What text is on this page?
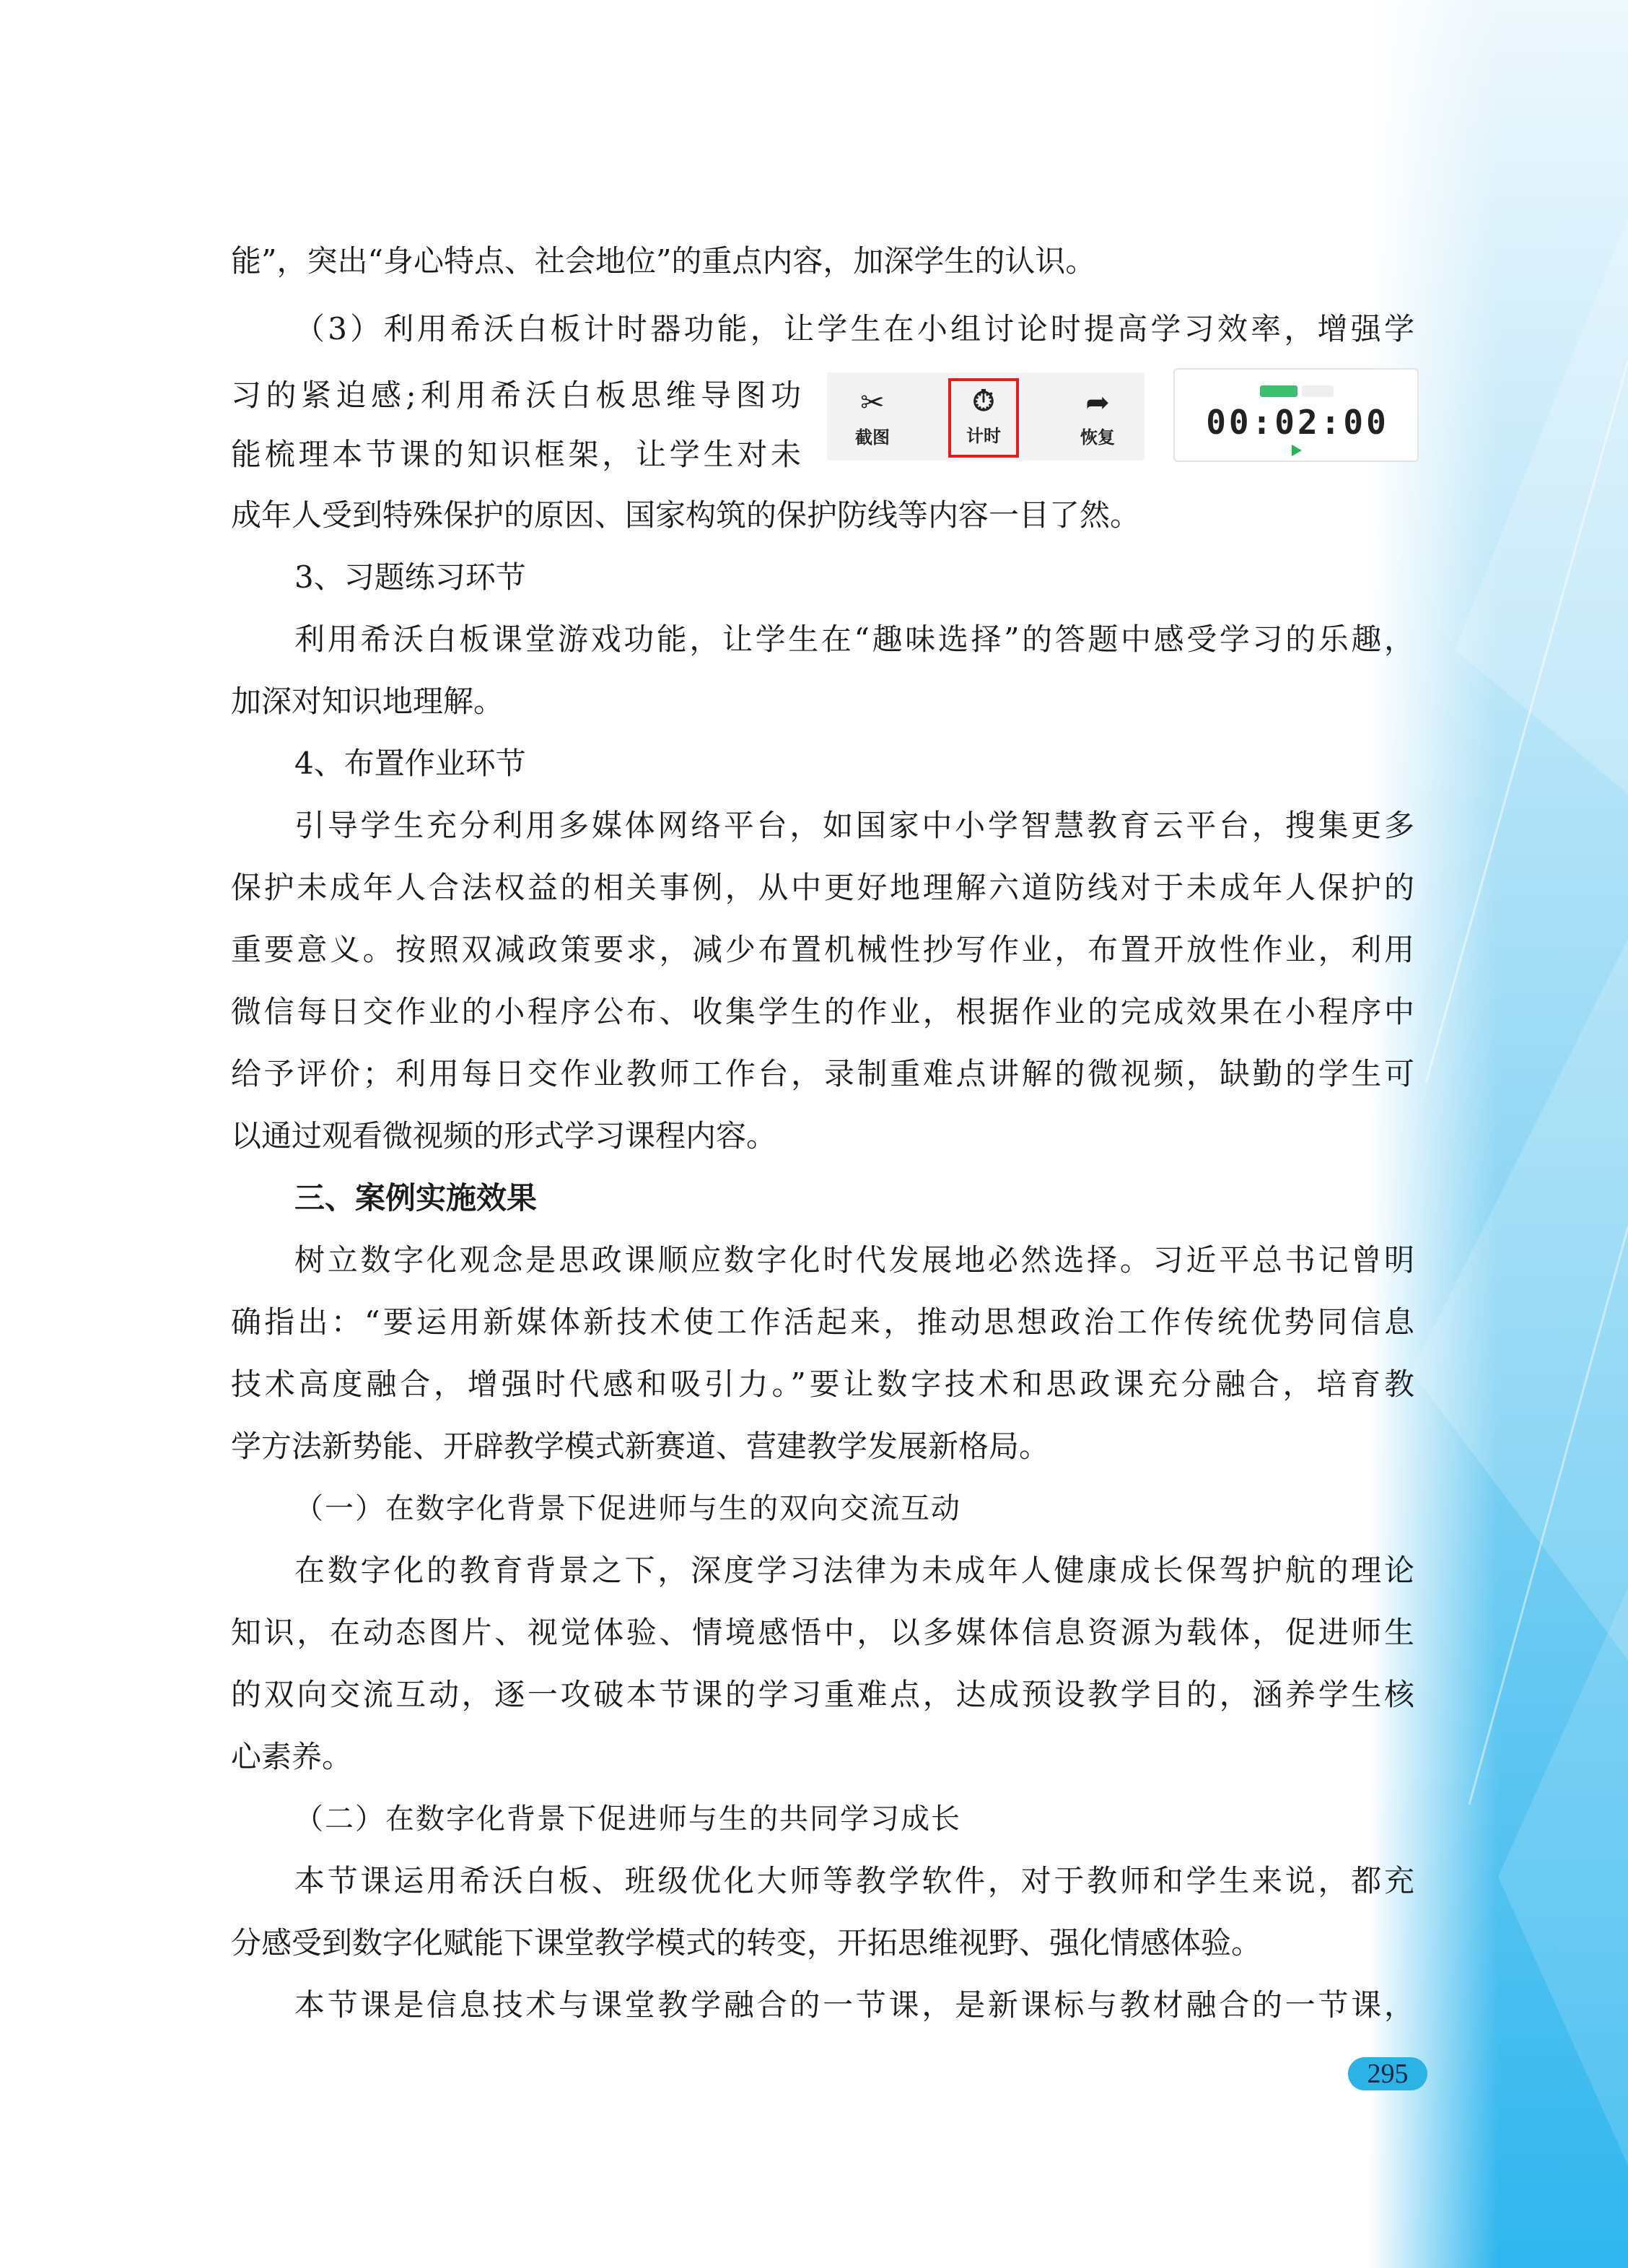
能”，突出“身心特点、社会地位”的重点内容，加深学生的认识。
（3）利用希沃白板计时器功能，让学生在小组讨论时提高学习效率，增强学
习的紧迫感;利用希沃白板思维导图功
能梳理本节课的知识框架，让学生对未
成年人受到特殊保护的原因、国家构筑的保护防线等内容一目了然。
3、习题练习环节
利用希沃白板课堂游戏功能，让学生在“趣味选择”的答题中感受学习的乐趣，
加深对知识地理解。
4、布置作业环节
引导学生充分利用多媒体网络平台，如国家中小学智慧教育云平台，搜集更多
保护未成年人合法权益的相关事例，从中更好地理解六道防线对于未成年人保护的
重要意义。按照双减政策要求，减少布置机械性抄写作业，布置开放性作业，利用
微信每日交作业的小程序公布、收集学生的作业，根据作业的完成效果在小程序中
给予评价；利用每日交作业教师工作台，录制重难点讲解的微视频，缺勤的学生可
以通过观看微视频的形式学习课程内容。
三、案例实施效果
树立数字化观念是思政课顺应数字化时代发展地必然选择。习近平总书记曾明
确指出：“要运用新媒体新技术使工作活起来，推动思想政治工作传统优势同信息
技术高度融合，增强时代感和吸引力。”要让数字技术和思政课充分融合，培育教
学方法新势能、开辟教学模式新赛道、营建教学发展新格局。
（一）在数字化背景下促进师与生的双向交流互动
在数字化的教育背景之下，深度学习法律为未成年人健康成长保驾护航的理论
知识，在动态图片、视觉体验、情境感悟中，以多媒体信息资源为载体，促进师生
的双向交流互动，逐一攻破本节课的学习重难点，达成预设教学目的，涵养学生核
心素养。
（二）在数字化背景下促进师与生的共同学习成长
本节课运用希沃白板、班级优化大师等教学软件，对于教师和学生来说，都充
分感受到数字化赋能下课堂教学模式的转变，开拓思维视野、强化情感体验。
本节课是信息技术与课堂教学融合的一节课，是新课标与教材融合的一节课，
✂
截图
⏱
计时
➦
恢复	00:02:00
295
